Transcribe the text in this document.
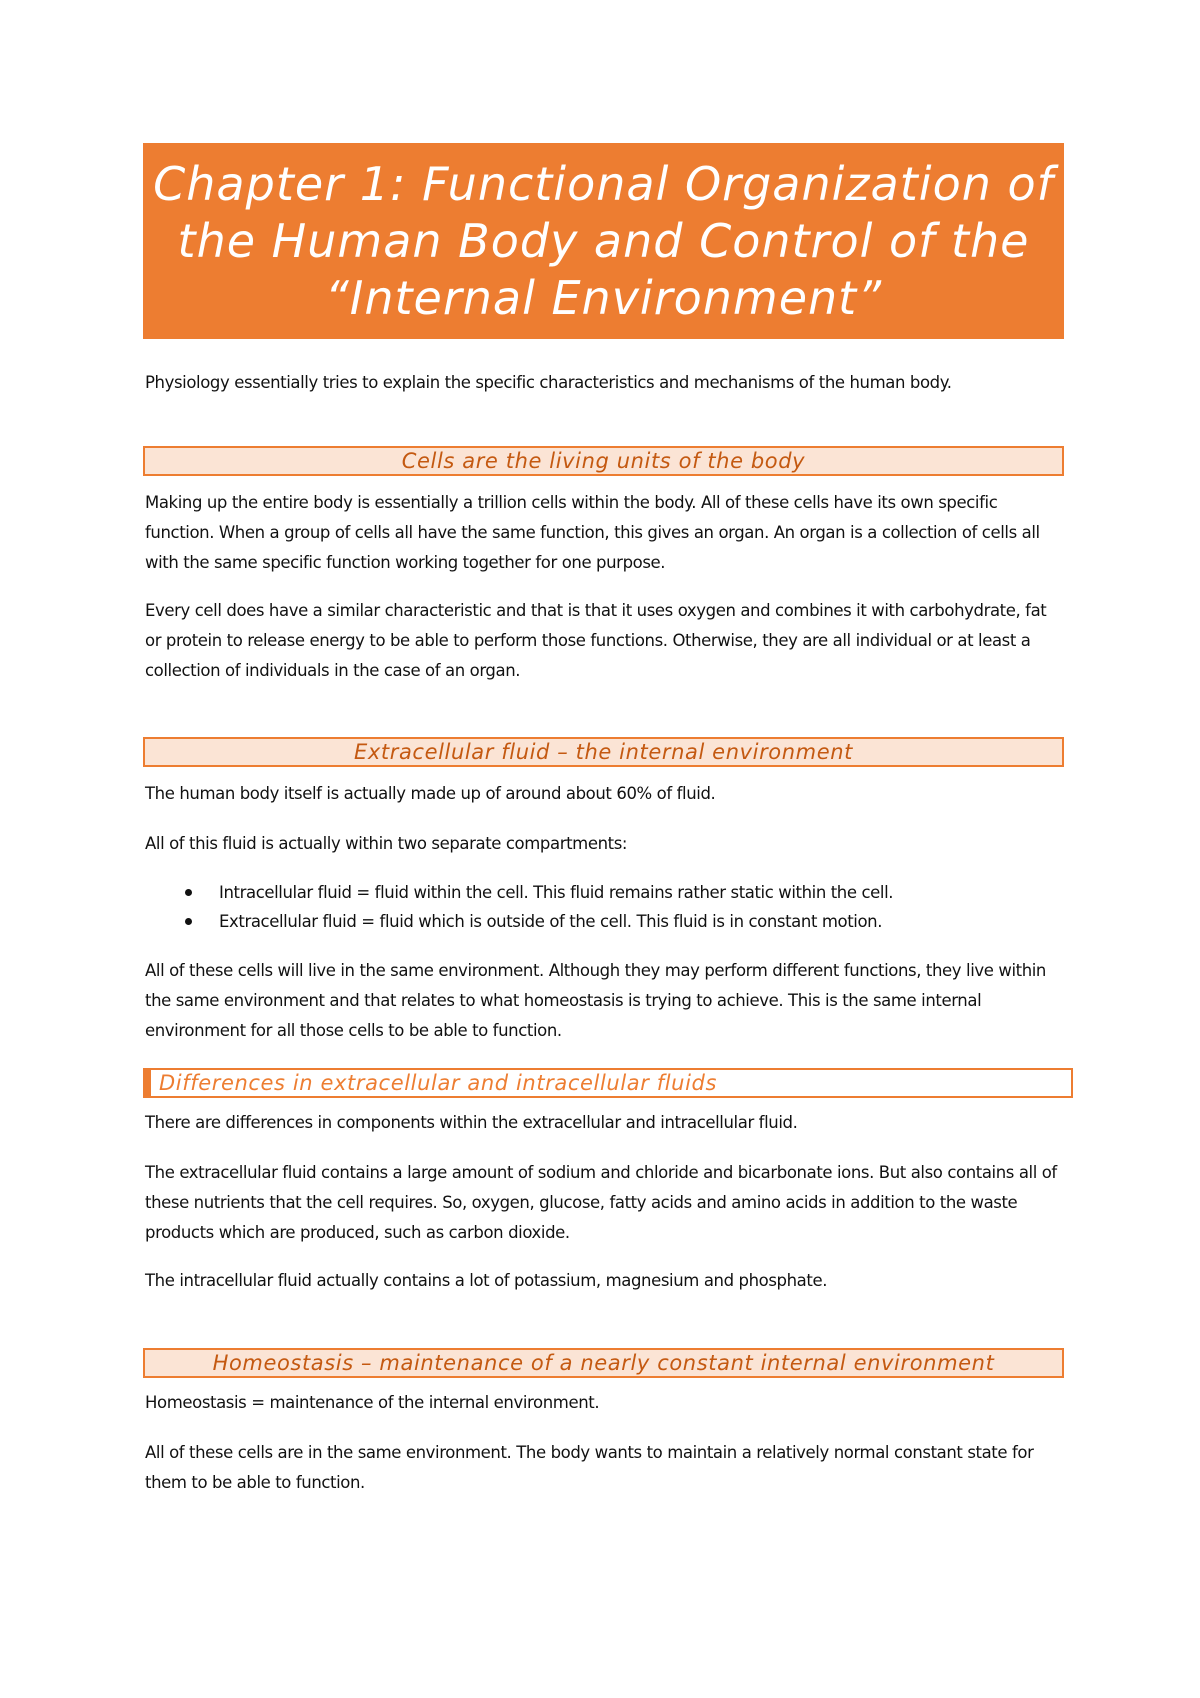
Chapter 1: Functional Organization of the Human Body and Control of the “Internal Environment”

Physiology essentially tries to explain the specific characteristics and mechanisms of the human body.

Cells are the living units of the body

Making up the entire body is essentially a trillion cells within the body. All of these cells have its own specific function. When a group of cells all have the same function, this gives an organ. An organ is a collection of cells all with the same specific function working together for one purpose.

Every cell does have a similar characteristic and that is that it uses oxygen and combines it with carbohydrate, fat or protein to release energy to be able to perform those functions. Otherwise, they are all individual or at least a collection of individuals in the case of an organ.

Extracellular fluid – the internal environment

The human body itself is actually made up of around about 60% of fluid.

All of this fluid is actually within two separate compartments:

Intracellular fluid = fluid within the cell. This fluid remains rather static within the cell.
Extracellular fluid = fluid which is outside of the cell. This fluid is in constant motion.

All of these cells will live in the same environment. Although they may perform different functions, they live within the same environment and that relates to what homeostasis is trying to achieve. This is the same internal environment for all those cells to be able to function.

Differences in extracellular and intracellular fluids

There are differences in components within the extracellular and intracellular fluid.

The extracellular fluid contains a large amount of sodium and chloride and bicarbonate ions. But also contains all of these nutrients that the cell requires. So, oxygen, glucose, fatty acids and amino acids in addition to the waste products which are produced, such as carbon dioxide.

The intracellular fluid actually contains a lot of potassium, magnesium and phosphate.

Homeostasis – maintenance of a nearly constant internal environment

Homeostasis = maintenance of the internal environment.

All of these cells are in the same environment. The body wants to maintain a relatively normal constant state for them to be able to function.
